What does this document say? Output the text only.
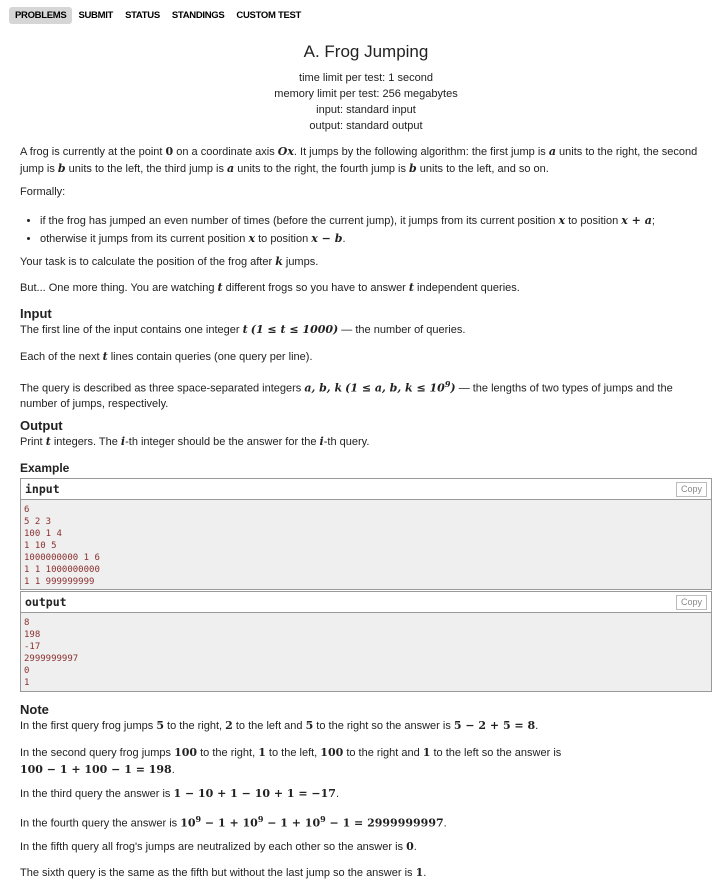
PROBLEMS	SUBMIT	STATUS	STANDINGS	CUSTOM TEST
A. Frog Jumping
time limit per test: 1 second
memory limit per test: 256 megabytes
input: standard input
output: standard output
A frog is currently at the point 0 on a coordinate axis Ox. It jumps by the following algorithm: the first jump is a units to the right, the second jump is b units to the left, the third jump is a units to the right, the fourth jump is b units to the left, and so on.
Formally:
• if the frog has jumped an even number of times (before the current jump), it jumps from its current position x to position x + a;
• otherwise it jumps from its current position x to position x − b.
Your task is to calculate the position of the frog after k jumps.
But... One more thing. You are watching t different frogs so you have to answer t independent queries.
Input
The first line of the input contains one integer t (1 ≤ t ≤ 1000) — the number of queries.
Each of the next t lines contain queries (one query per line).
The query is described as three space-separated integers a, b, k (1 ≤ a, b, $k \le 10^9$) — the lengths of two types of jumps and the number of jumps, respectively.
Output
Print t integers. The i-th integer should be the answer for the i-th query.
Example
input	Copy
6
5 2 3
100 1 4
1 10 5
1000000000 1 6
1 1 1000000000
1 1 999999999
output	Copy
8
198
-17
2999999997
0
1
Note
In the first query frog jumps 5 to the right, 2 to the left and 5 to the right so the answer is 5 − 2 + 5 = 8.
In the second query frog jumps 100 to the right, 1 to the left, 100 to the right and 1 to the left so the answer is
100 − 1 + 100 − 1 = 198.
In the third query the answer is 1 − 10 + 1 − 10 + 1 = −17.
In the fourth query the answer is $10^9 - 1 + 10^9 - 1 + 10^9 - 1 = 2999999997$.
In the fifth query all frog's jumps are neutralized by each other so the answer is 0.
The sixth query is the same as the fifth but without the last jump so the answer is 1.
